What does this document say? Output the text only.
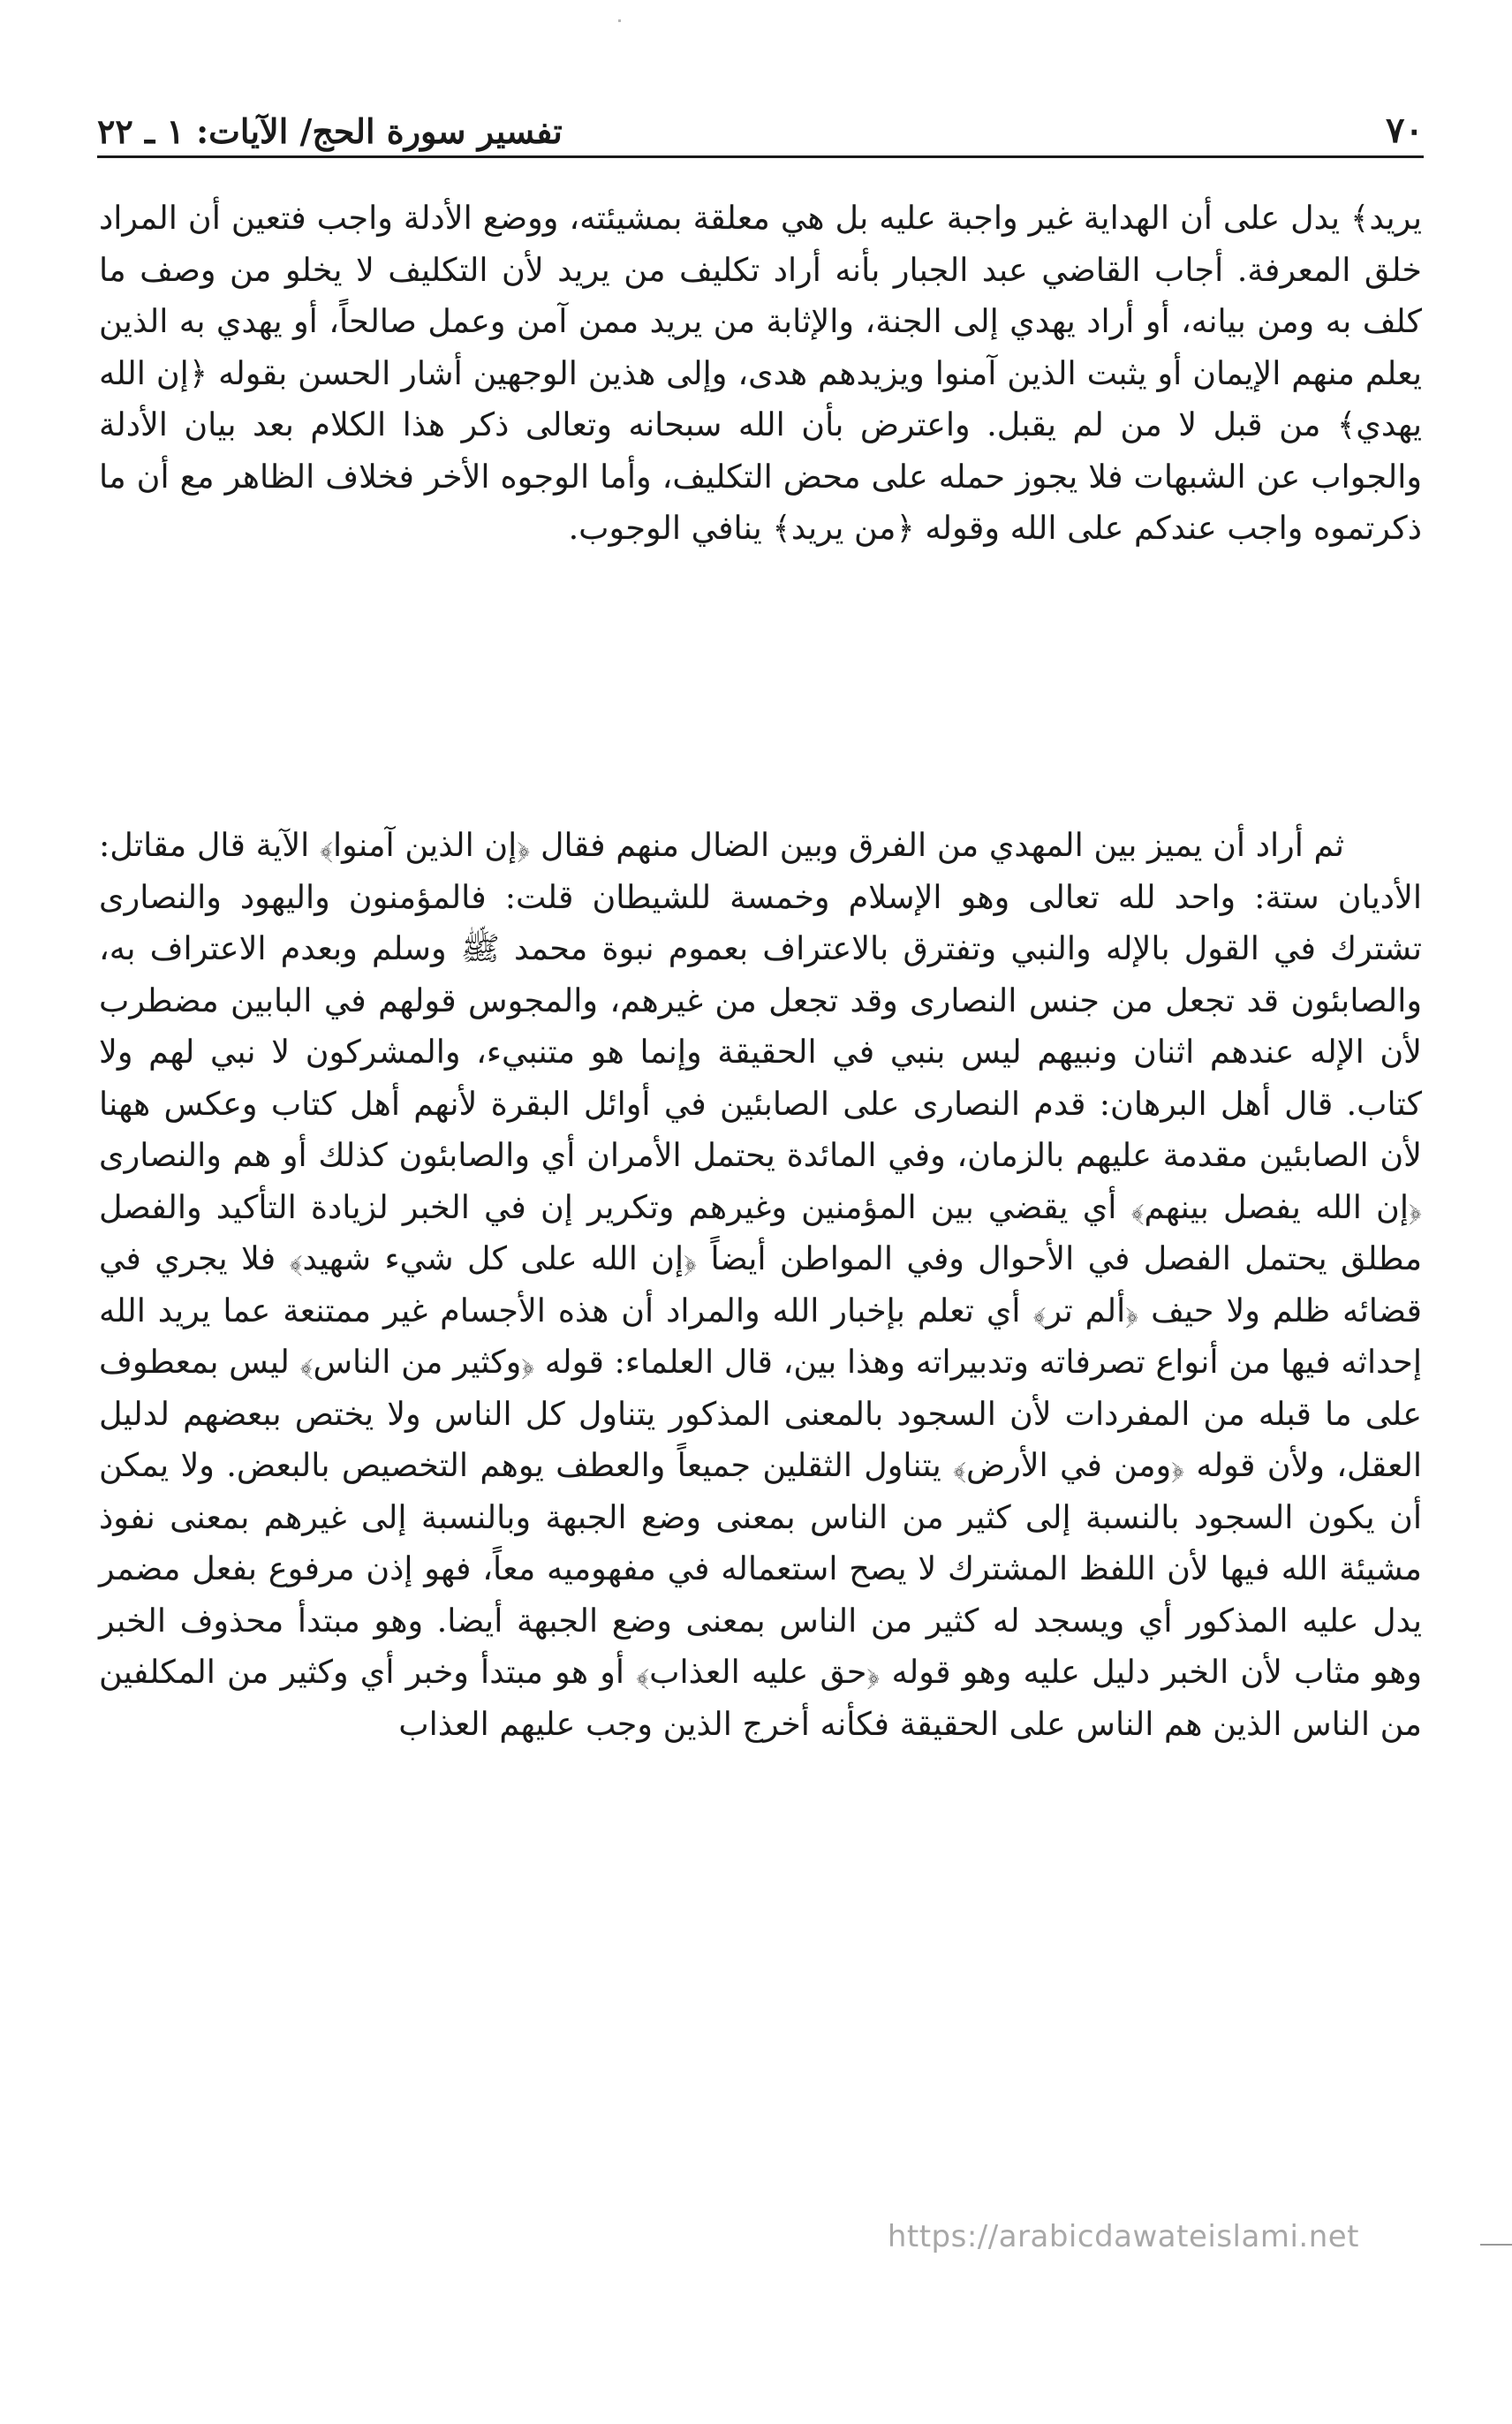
٧٠
تفسير سورة الحج/ الآيات: ١ ـ ٢٢
يريد﴾ يدل على أن الهداية غير واجبة عليه بل هي معلقة بمشيئته، ووضع الأدلة واجب فتعين أن المراد خلق المعرفة. أجاب القاضي عبد الجبار بأنه أراد تكليف من يريد لأن التكليف لا يخلو من وصف ما كلف به ومن بيانه، أو أراد يهدي إلى الجنة، والإثابة من يريد ممن آمن وعمل صالحاً، أو يهدي به الذين يعلم منهم الإيمان أو يثبت الذين آمنوا ويزيدهم هدى، وإلى هذين الوجهين أشار الحسن بقوله ﴿إن الله يهدي﴾ من قبل لا من لم يقبل. واعترض بأن الله سبحانه وتعالى ذكر هذا الكلام بعد بيان الأدلة والجواب عن الشبهات فلا يجوز حمله على محض التكليف، وأما الوجوه الأخر فخلاف الظاهر مع أن ما ذكرتموه واجب عندكم على الله وقوله ﴿من يريد﴾ ينافي الوجوب.
ثم أراد أن يميز بين المهدي من الفرق وبين الضال منهم فقال ﴿إن الذين آمنوا﴾ الآية قال مقاتل: الأديان ستة: واحد لله تعالى وهو الإسلام وخمسة للشيطان قلت: فالمؤمنون واليهود والنصارى تشترك في القول بالإله والنبي وتفترق بالاعتراف بعموم نبوة محمد ﷺ وسلم وبعدم الاعتراف به، والصابئون قد تجعل من جنس النصارى وقد تجعل من غيرهم، والمجوس قولهم في البابين مضطرب لأن الإله عندهم اثنان ونبيهم ليس بنبي في الحقيقة وإنما هو متنبيء، والمشركون لا نبي لهم ولا كتاب. قال أهل البرهان: قدم النصارى على الصابئين في أوائل البقرة لأنهم أهل كتاب وعكس ههنا لأن الصابئين مقدمة عليهم بالزمان، وفي المائدة يحتمل الأمران أي والصابئون كذلك أو هم والنصارى ﴿إن الله يفصل بينهم﴾ أي يقضي بين المؤمنين وغيرهم وتكرير إن في الخبر لزيادة التأكيد والفصل مطلق يحتمل الفصل في الأحوال وفي المواطن أيضاً ﴿إن الله على كل شيء شهيد﴾ فلا يجري في قضائه ظلم ولا حيف ﴿ألم تر﴾ أي تعلم بإخبار الله والمراد أن هذه الأجسام غير ممتنعة عما يريد الله إحداثه فيها من أنواع تصرفاته وتدبيراته وهذا بين، قال العلماء: قوله ﴿وكثير من الناس﴾ ليس بمعطوف على ما قبله من المفردات لأن السجود بالمعنى المذكور يتناول كل الناس ولا يختص ببعضهم لدليل العقل، ولأن قوله ﴿ومن في الأرض﴾ يتناول الثقلين جميعاً والعطف يوهم التخصيص بالبعض. ولا يمكن أن يكون السجود بالنسبة إلى كثير من الناس بمعنى وضع الجبهة وبالنسبة إلى غيرهم بمعنى نفوذ مشيئة الله فيها لأن اللفظ المشترك لا يصح استعماله في مفهوميه معاً، فهو إذن مرفوع بفعل مضمر يدل عليه المذكور أي ويسجد له كثير من الناس بمعنى وضع الجبهة أيضا. وهو مبتدأ محذوف الخبر وهو مثاب لأن الخبر دليل عليه وهو قوله ﴿حق عليه العذاب﴾ أو هو مبتدأ وخبر أي وكثير من المكلفين من الناس الذين هم الناس على الحقيقة فكأنه أخرج الذين وجب عليهم العذاب
https://arabicdawateislami.net
